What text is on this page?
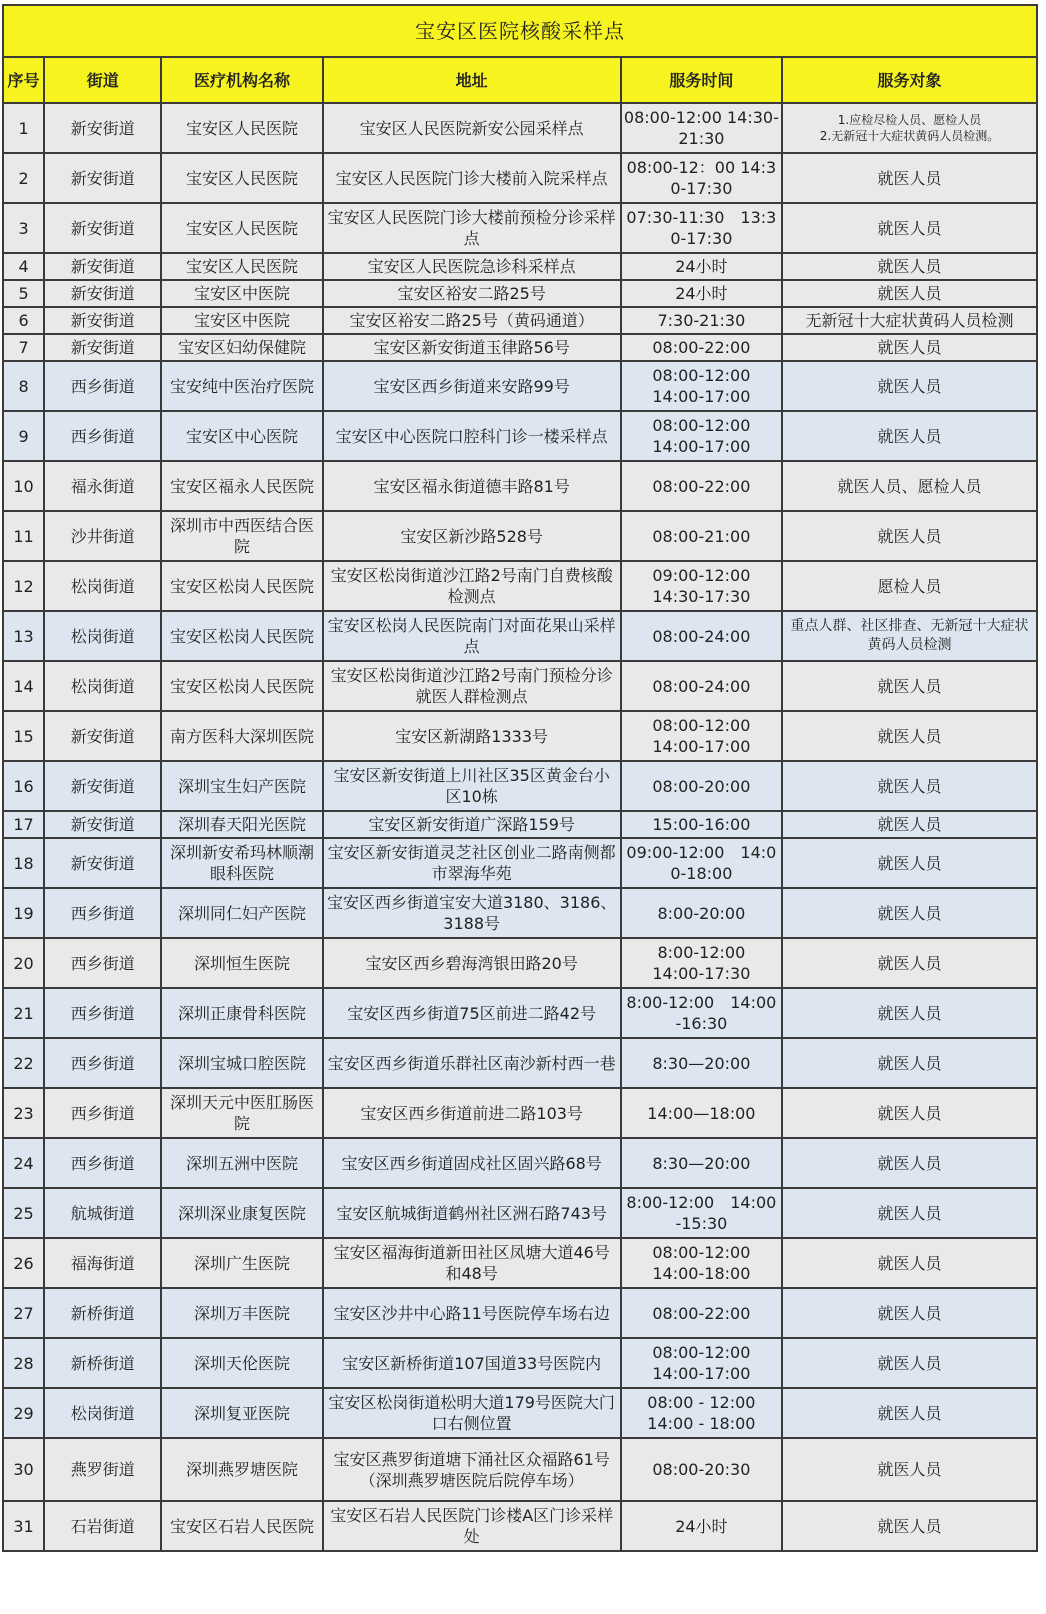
宝安区医院核酸采样点					
序号	街道	医疗机构名称	地址	服务时间	服务对象
1	新安街道	宝安区人民医院	宝安区人民医院新安公园采样点	08:00-12:00 14:30-21:30	1.应检尽检人员、愿检人员
2.无新冠十大症状黄码人员检测。
2	新安街道	宝安区人民医院	宝安区人民医院门诊大楼前入院采样点	08:00-12：00 14:30-17:30	就医人员
3	新安街道	宝安区人民医院	宝安区人民医院门诊大楼前预检分诊采样点	07:30-11:30　13:30-17:30	就医人员
4	新安街道	宝安区人民医院	宝安区人民医院急诊科采样点	24小时	就医人员
5	新安街道	宝安区中医院	宝安区裕安二路25号	24小时	就医人员
6	新安街道	宝安区中医院	宝安区裕安二路25号（黄码通道）	7:30-21:30	无新冠十大症状黄码人员检测
7	新安街道	宝安区妇幼保健院	宝安区新安街道玉律路56号	08:00-22:00	就医人员
8	西乡街道	宝安纯中医治疗医院	宝安区西乡街道来安路99号	08:00-12:00
14:00-17:00	就医人员
9	西乡街道	宝安区中心医院	宝安区中心医院口腔科门诊一楼采样点	08:00-12:00
14:00-17:00	就医人员
10	福永街道	宝安区福永人民医院	宝安区福永街道德丰路81号	08:00-22:00	就医人员、愿检人员
11	沙井街道	深圳市中西医结合医院	宝安区新沙路528号	08:00-21:00	就医人员
12	松岗街道	宝安区松岗人民医院	宝安区松岗街道沙江路2号南门自费核酸检测点	09:00-12:00
14:30-17:30	愿检人员
13	松岗街道	宝安区松岗人民医院	宝安区松岗人民医院南门对面花果山采样点	08:00-24:00	重点人群、社区排查、无新冠十大症状黄码人员检测
14	松岗街道	宝安区松岗人民医院	宝安区松岗街道沙江路2号南门预检分诊就医人群检测点	08:00-24:00	就医人员
15	新安街道	南方医科大深圳医院	宝安区新湖路1333号	08:00-12:00
14:00-17:00	就医人员
16	新安街道	深圳宝生妇产医院	宝安区新安街道上川社区35区黄金台小区10栋	08:00-20:00	就医人员
17	新安街道	深圳春天阳光医院	宝安区新安街道广深路159号	15:00-16:00	就医人员
18	新安街道	深圳新安希玛林顺潮眼科医院	宝安区新安街道灵芝社区创业二路南侧都市翠海华苑	09:00-12:00　14:00-18:00	就医人员
19	西乡街道	深圳同仁妇产医院	宝安区西乡街道宝安大道3180、3186、3188号	8:00-20:00	就医人员
20	西乡街道	深圳恒生医院	宝安区西乡碧海湾银田路20号	8:00-12:00
14:00-17:30	就医人员
21	西乡街道	深圳正康骨科医院	宝安区西乡街道75区前进二路42号	8:00-12:00　14:00-16:30	就医人员
22	西乡街道	深圳宝城口腔医院	宝安区西乡街道乐群社区南沙新村西一巷	8:30—20:00	就医人员
23	西乡街道	深圳天元中医肛肠医院	宝安区西乡街道前进二路103号	14:00—18:00	就医人员
24	西乡街道	深圳五洲中医院	宝安区西乡街道固戍社区固兴路68号	8:30—20:00	就医人员
25	航城街道	深圳深业康复医院	宝安区航城街道鹤州社区洲石路743号	8:00-12:00　14:00-15:30	就医人员
26	福海街道	深圳广生医院	宝安区福海街道新田社区凤塘大道46号和48号	08:00-12:00
14:00-18:00	就医人员
27	新桥街道	深圳万丰医院	宝安区沙井中心路11号医院停车场右边	08:00-22:00	就医人员
28	新桥街道	深圳天伦医院	宝安区新桥街道107国道33号医院内	08:00-12:00
14:00-17:00	就医人员
29	松岗街道	深圳复亚医院	宝安区松岗街道松明大道179号医院大门口右侧位置	08:00 - 12:00
14:00 - 18:00	就医人员
30	燕罗街道	深圳燕罗塘医院	宝安区燕罗街道塘下涌社区众福路61号（深圳燕罗塘医院后院停车场）	08:00-20:30	就医人员
31	石岩街道	宝安区石岩人民医院	宝安区石岩人民医院门诊楼A区门诊采样处	24小时	就医人员
